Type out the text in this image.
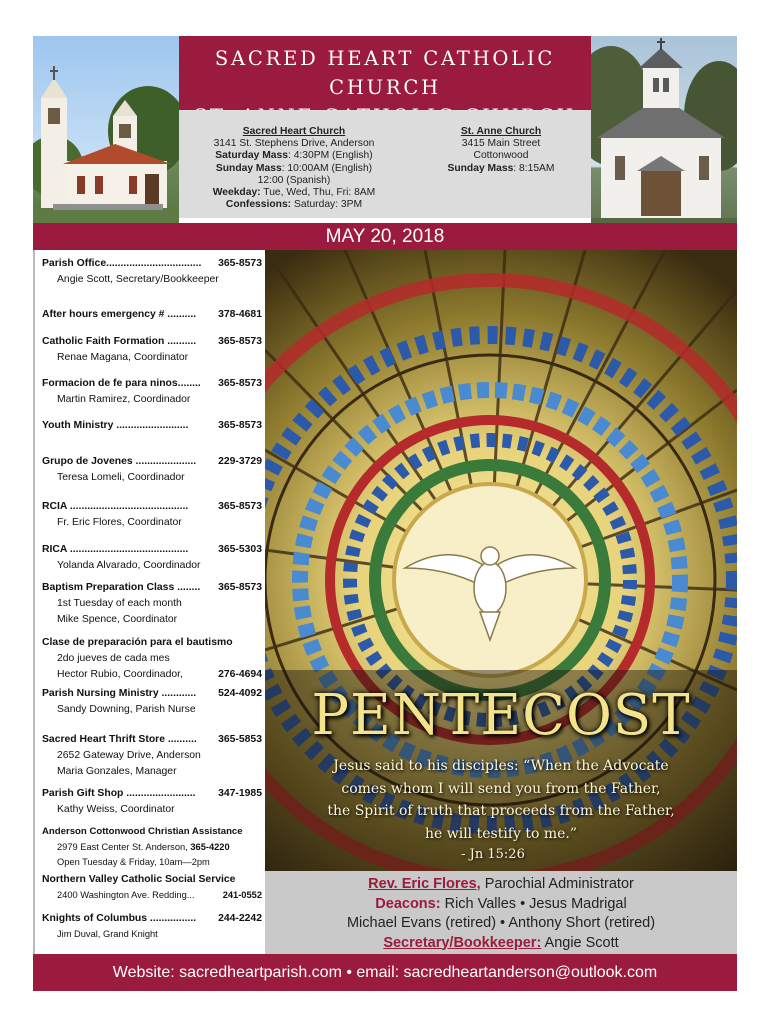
SACRED HEART CATHOLIC CHURCH
Sacred Heart Church
3141 St. Stephens Drive, Anderson
Saturday Mass: 4:30PM (English)
Sunday Mass: 10:00AM (English)
12:00 (Spanish)
Weekday: Tue, Wed, Thu, Fri: 8AM
Confessions: Saturday: 3PM
St. Anne Church
3415 Main Street
Cottonwood
Sunday Mass: 8:15AM
MAY 20, 2018
Parish Office................................. 365-8573
Angie Scott, Secretary/Bookkeeper
After hours emergency # .......... 378-4681
Catholic Faith Formation .......... 365-8573
Renae Magana, Coordinator
Formacion de fe para ninos........ 365-8573
Martin Ramirez, Coordinador
Youth Ministry .........................	365-8573
Grupo de Jovenes ..................... 229-3729
Teresa Lomeli, Coordinador
RCIA .........................................	365-8573
Fr. Eric Flores, Coordinator
RICA .........................................	365-5303
Yolanda Alvarado, Coordinador
Baptism Preparation Class ........ 365-8573
1st Tuesday of each month
Mike Spence, Coordinator
Clase de preparación para el bautismo
2do jueves de cada mes
Hector Rubio, Coordinador,	276-4694
Parish Nursing Ministry ............ 524-4092
Sandy Downing, Parish Nurse
Sacred Heart Thrift Store .......... 365-5853
2652 Gateway Drive, Anderson
Maria Gonzales, Manager
Parish Gift Shop ........................ 347-1985
Kathy Weiss, Coordinator
Anderson Cottonwood Christian Assistance
2979 East Center St. Anderson, 365-4220
Open Tuesday & Friday, 10am—2pm
Northern Valley Catholic Social Service
2400 Washington Ave. Redding...	241-0552
Knights of Columbus ................ 244-2242
Jim Duval, Grand Knight
PENTECOST
Jesus said to his disciples: “When the Advocate
comes whom I will send you from the Father,
the Spirit of truth that proceeds from the Father,
he will testify to me.”
- Jn 15:26
Rev. Eric Flores, Parochial Administrator
Deacons: Rich Valles • Jesus Madrigal
Michael Evans (retired) • Anthony Short (retired)
Secretary/Bookkeeper: Angie Scott
Website: sacredheartparish.com • email: sacredheartanderson@outlook.com
